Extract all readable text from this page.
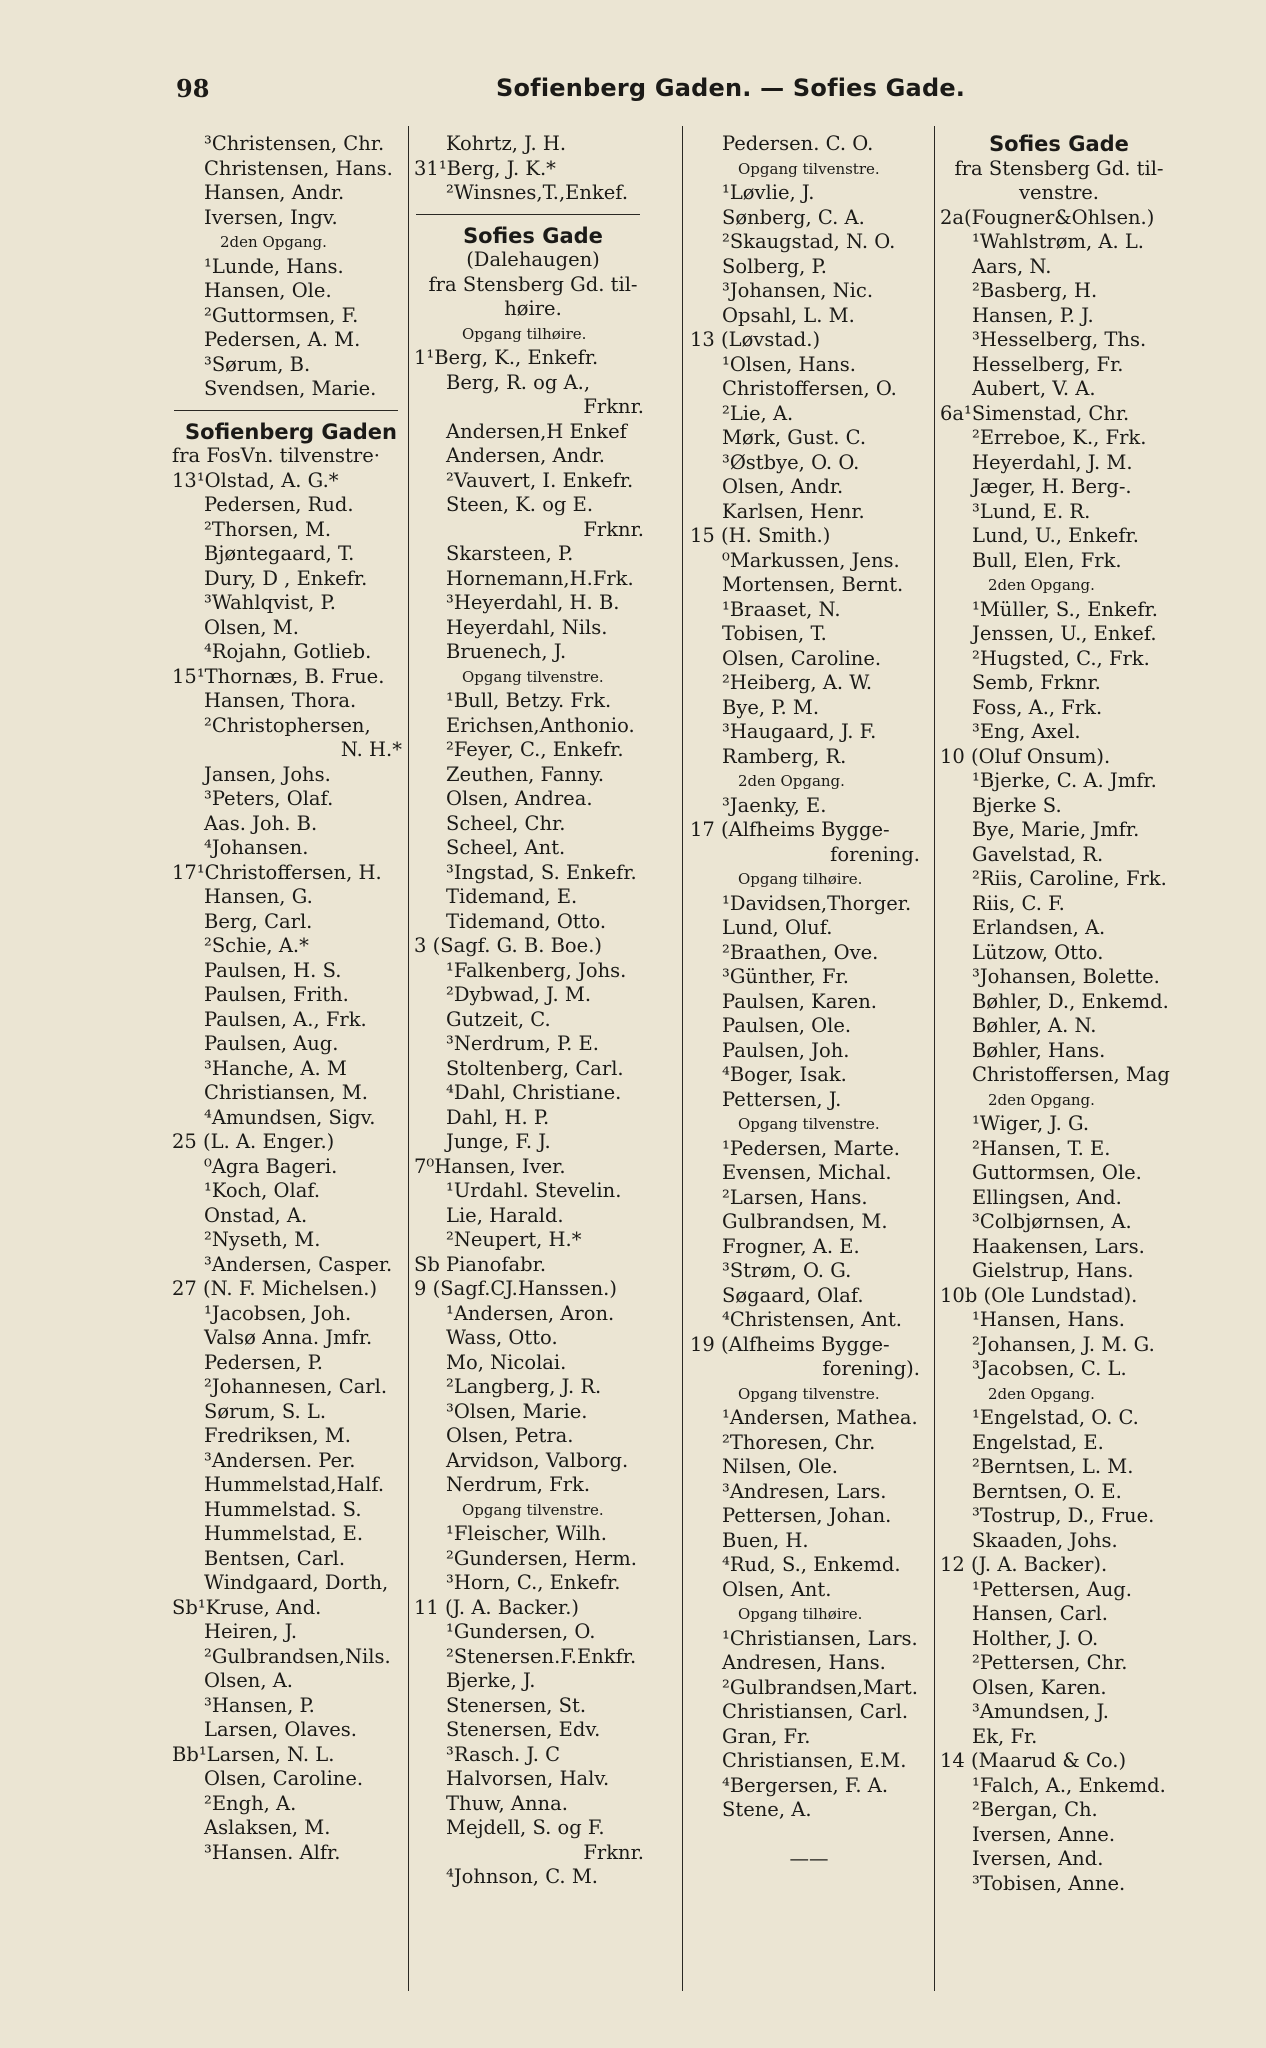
98	Sofienberg Gaden. — Sofies Gade.
³Christensen, Chr.
Christensen, Hans.
Hansen, Andr.
Iversen, Ingv.
2den Opgang.
¹Lunde, Hans.
Hansen, Ole.
²Guttormsen, F.
Pedersen, A. M.
³Sørum, B.
Svendsen, Marie.
Sofienberg Gaden
fra FosVn. tilvenstre·
13¹Olstad, A. G.*
Pedersen, Rud.
²Thorsen, M.
Bjøntegaard, T.
Dury, D , Enkefr.
³Wahlqvist, P.
Olsen, M.
⁴Rojahn, Gotlieb.
15¹Thornæs, B. Frue.
Hansen, Thora.
²Christophersen,
N. H.*
Jansen, Johs.
³Peters, Olaf.
Aas. Joh. B.
⁴Johansen.
17¹Christoffersen, H.
Hansen, G.
Berg, Carl.
²Schie, A.*
Paulsen, H. S.
Paulsen, Frith.
Paulsen, A., Frk.
Paulsen, Aug.
³Hanche, A. M
Christiansen, M.
⁴Amundsen, Sigv.
25 (L. A. Enger.)
⁰Agra Bageri.
¹Koch, Olaf.
Onstad, A.
²Nyseth, M.
³Andersen, Casper.
27 (N. F. Michelsen.)
¹Jacobsen, Joh.
Valsø Anna. Jmfr.
Pedersen, P.
²Johannesen, Carl.
Sørum, S. L.
Fredriksen, M.
³Andersen. Per.
Hummelstad,Half.
Hummelstad. S.
Hummelstad, E.
Bentsen, Carl.
Windgaard, Dorth,
Sb¹Kruse, And.
Heiren, J.
²Gulbrandsen,Nils.
Olsen, A.
³Hansen, P.
Larsen, Olaves.
Bb¹Larsen, N. L.
Olsen, Caroline.
²Engh, A.
Aslaksen, M.
³Hansen. Alfr.
Kohrtz, J. H.
31¹Berg, J. K.*
²Winsnes,T.,Enkef.
Sofies Gade
(Dalehaugen)
fra Stensberg Gd. til-
høire.
Opgang tilhøire.
1¹Berg, K., Enkefr.
Berg, R. og A.,
Frknr.
Andersen,H Enkef
Andersen, Andr.
²Vauvert, I. Enkefr.
Steen, K. og E.
Frknr.
Skarsteen, P.
Hornemann,H.Frk.
³Heyerdahl, H. B.
Heyerdahl, Nils.
Bruenech, J.
Opgang tilvenstre.
¹Bull, Betzy. Frk.
Erichsen,Anthonio.
²Feyer, C., Enkefr.
Zeuthen, Fanny.
Olsen, Andrea.
Scheel, Chr.
Scheel, Ant.
³Ingstad, S. Enkefr.
Tidemand, E.
Tidemand, Otto.
3 (Sagf. G. B. Boe.)
¹Falkenberg, Johs.
²Dybwad, J. M.
Gutzeit, C.
³Nerdrum, P. E.
Stoltenberg, Carl.
⁴Dahl, Christiane.
Dahl, H. P.
Junge, F. J.
7⁰Hansen, Iver.
¹Urdahl. Stevelin.
Lie, Harald.
²Neupert, H.*
Sb Pianofabr.
9 (Sagf.CJ.Hanssen.)
¹Andersen, Aron.
Wass, Otto.
Mo, Nicolai.
²Langberg, J. R.
³Olsen, Marie.
Olsen, Petra.
Arvidson, Valborg.
Nerdrum, Frk.
Opgang tilvenstre.
¹Fleischer, Wilh.
²Gundersen, Herm.
³Horn, C., Enkefr.
11 (J. A. Backer.)
¹Gundersen, O.
²Stenersen.F.Enkfr.
Bjerke, J.
Stenersen, St.
Stenersen, Edv.
³Rasch. J. C
Halvorsen, Halv.
Thuw, Anna.
Mejdell, S. og F.
Frknr.
⁴Johnson, C. M.
Pedersen. C. O.
Opgang tilvenstre.
¹Løvlie, J.
Sønberg, C. A.
²Skaugstad, N. O.
Solberg, P.
³Johansen, Nic.
Opsahl, L. M.
13 (Løvstad.)
¹Olsen, Hans.
Christoffersen, O.
²Lie, A.
Mørk, Gust. C.
³Østbye, O. O.
Olsen, Andr.
Karlsen, Henr.
15 (H. Smith.)
⁰Markussen, Jens.
Mortensen, Bernt.
¹Braaset, N.
Tobisen, T.
Olsen, Caroline.
²Heiberg, A. W.
Bye, P. M.
³Haugaard, J. F.
Ramberg, R.
2den Opgang.
³Jaenky, E.
17 (Alfheims Bygge-
forening.
Opgang tilhøire.
¹Davidsen,Thorger.
Lund, Oluf.
²Braathen, Ove.
³Günther, Fr.
Paulsen, Karen.
Paulsen, Ole.
Paulsen, Joh.
⁴Boger, Isak.
Pettersen, J.
Opgang tilvenstre.
¹Pedersen, Marte.
Evensen, Michal.
²Larsen, Hans.
Gulbrandsen, M.
Frogner, A. E.
³Strøm, O. G.
Søgaard, Olaf.
⁴Christensen, Ant.
19 (Alfheims Bygge-
forening).
Opgang tilvenstre.
¹Andersen, Mathea.
²Thoresen, Chr.
Nilsen, Ole.
³Andresen, Lars.
Pettersen, Johan.
Buen, H.
⁴Rud, S., Enkemd.
Olsen, Ant.
Opgang tilhøire.
¹Christiansen, Lars.
Andresen, Hans.
²Gulbrandsen,Mart.
Christiansen, Carl.
Gran, Fr.
Christiansen, E.M.
⁴Bergersen, F. A.
Stene, A.
——
Sofies Gade
fra Stensberg Gd. til-
venstre.
2a(Fougner&Ohlsen.)
¹Wahlstrøm, A. L.
Aars, N.
²Basberg, H.
Hansen, P. J.
³Hesselberg, Ths.
Hesselberg, Fr.
Aubert, V. A.
6a¹Simenstad, Chr.
²Erreboe, K., Frk.
Heyerdahl, J. M.
Jæger, H. Berg-.
³Lund, E. R.
Lund, U., Enkefr.
Bull, Elen, Frk.
2den Opgang.
¹Müller, S., Enkefr.
Jenssen, U., Enkef.
²Hugsted, C., Frk.
Semb, Frknr.
Foss, A., Frk.
³Eng, Axel.
10 (Oluf Onsum).
¹Bjerke, C. A. Jmfr.
Bjerke S.
Bye, Marie, Jmfr.
Gavelstad, R.
²Riis, Caroline, Frk.
Riis, C. F.
Erlandsen, A.
Lützow, Otto.
³Johansen, Bolette.
Bøhler, D., Enkemd.
Bøhler, A. N.
Bøhler, Hans.
Christoffersen, Mag
2den Opgang.
¹Wiger, J. G.
²Hansen, T. E.
Guttormsen, Ole.
Ellingsen, And.
³Colbjørnsen, A.
Haakensen, Lars.
Gielstrup, Hans.
10b (Ole Lundstad).
¹Hansen, Hans.
²Johansen, J. M. G.
³Jacobsen, C. L.
2den Opgang.
¹Engelstad, O. C.
Engelstad, E.
²Berntsen, L. M.
Berntsen, O. E.
³Tostrup, D., Frue.
Skaaden, Johs.
12 (J. A. Backer).
¹Pettersen, Aug.
Hansen, Carl.
Holther, J. O.
²Pettersen, Chr.
Olsen, Karen.
³Amundsen, J.
Ek, Fr.
14 (Maarud & Co.)
¹Falch, A., Enkemd.
²Bergan, Ch.
Iversen, Anne.
Iversen, And.
³Tobisen, Anne.
